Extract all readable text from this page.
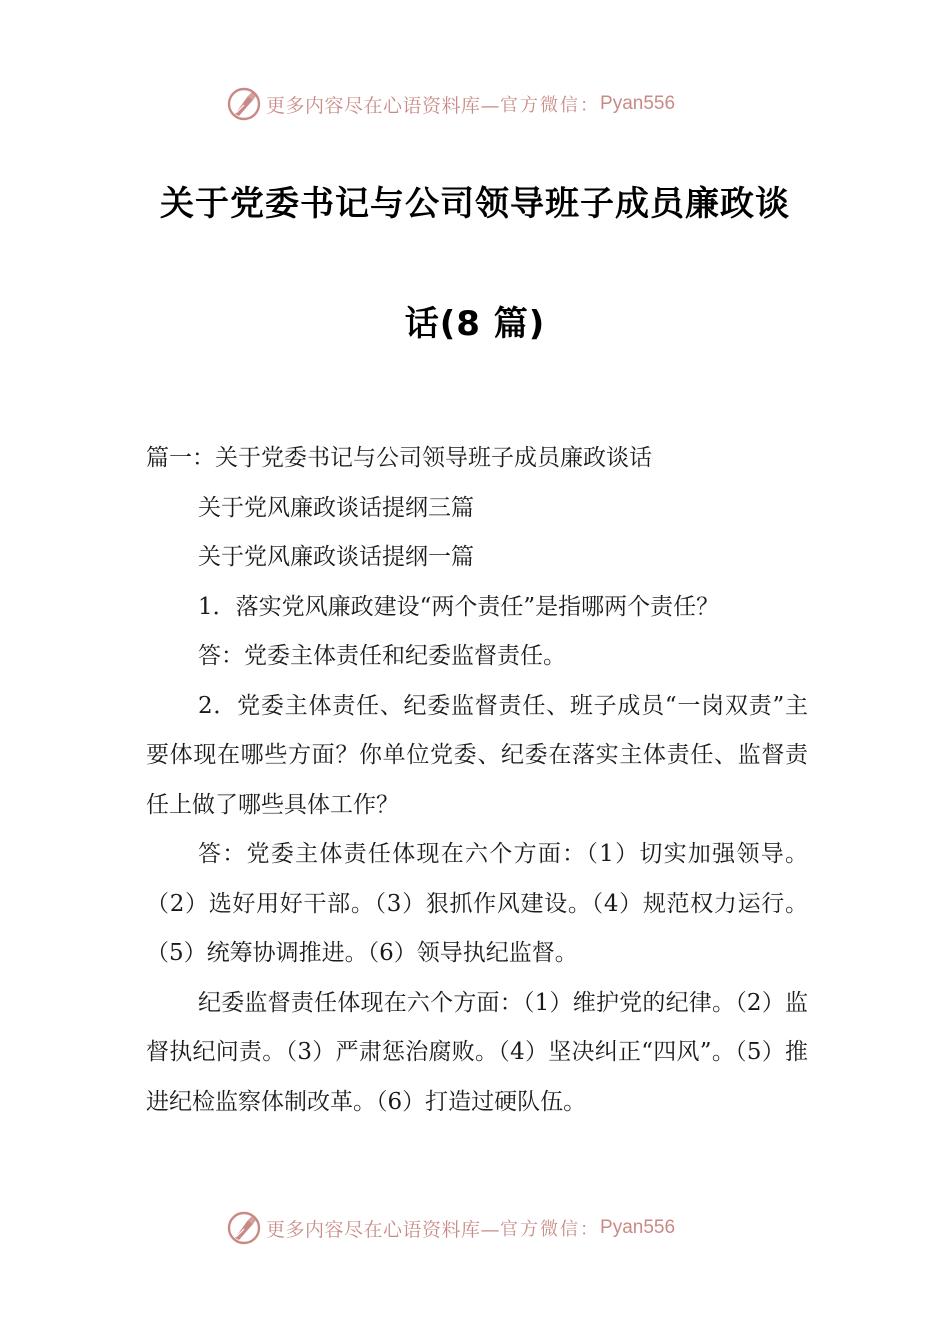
更多内容尽在心语资料库— 官方微信： Pyan556
关于党委书记与公司领导班子成员廉政谈
话(8 篇)

篇一：关于党委书记与公司领导班子成员廉政谈话

关于党风廉政谈话提纲三篇

关于党风廉政谈话提纲一篇

1．落实党风廉政建设“两个责任”是指哪两个责任？

答：党委主体责任和纪委监督责任。

2．党委主体责任、纪委监督责任、班子成员“一岗双责”主要体现在哪些方面？你单位党委、纪委在落实主体责任、监督责任上做了哪些具体工作？

答：党委主体责任体现在六个方面：（1）切实加强领导。（2）选好用好干部。（3）狠抓作风建设。（4）规范权力运行。（5）统筹协调推进。（6）领导执纪监督。

纪委监督责任体现在六个方面：（1）维护党的纪律。（2）监督执纪问责。（3）严肃惩治腐败。（4）坚决纠正“四风”。（5）推进纪检监察体制改革。（6）打造过硬队伍。

更多内容尽在心语资料库— 官方微信： Pyan556
